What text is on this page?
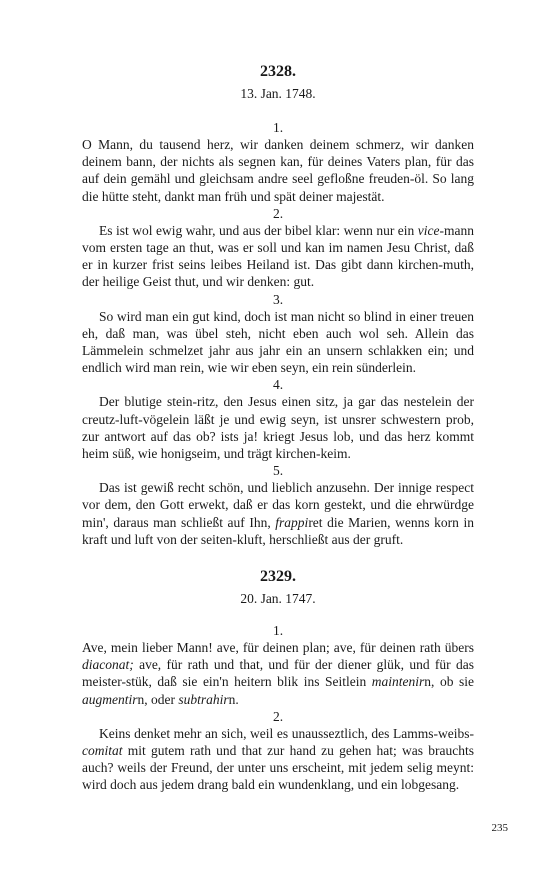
2328.
13. Jan. 1748.
1.

O Mann, du tausend herz, wir danken deinem schmerz, wir danken deinem bann, der nichts als segnen kan, für deines Vaters plan, für das auf dein gemähl und gleichsam andre seel gefloßne freuden-öl. So lang die hütte steht, dankt man früh und spät deiner majestät.

2.

Es ist wol ewig wahr, und aus der bibel klar: wenn nur ein vice-mann vom ersten tage an thut, was er soll und kan im namen Jesu Christ, daß er in kurzer frist seins leibes Heiland ist. Das gibt dann kirchen-muth, der heilige Geist thut, und wir denken: gut.

3.

So wird man ein gut kind, doch ist man nicht so blind in einer treuen eh, daß man, was übel steh, nicht eben auch wol seh. Allein das Lämmelein schmelzet jahr aus jahr ein an unsern schlakken ein; und endlich wird man rein, wie wir eben seyn, ein rein sünderlein.

4.

Der blutige stein-ritz, den Jesus einen sitz, ja gar das nestelein der creutz-luft-vögelein läßt je und ewig seyn, ist unsrer schwestern prob, zur antwort auf das ob? ists ja! kriegt Jesus lob, und das herz kommt heim süß, wie honigseim, und trägt kirchen-keim.

5.

Das ist gewiß recht schön, und lieblich anzusehn. Der innige respect vor dem, den Gott erwekt, daß er das korn gestekt, und die ehrwürdge min', daraus man schließt auf Ihn, frappiret die Marien, wenns korn in kraft und luft von der seiten-kluft, herschließt aus der gruft.

2329.
20. Jan. 1747.
1.

Ave, mein lieber Mann! ave, für deinen plan; ave, für deinen rath übers diaconat; ave, für rath und that, und für der diener glük, und für das meister-stük, daß sie ein'n heitern blik ins Seitlein maintenirn, ob sie augmentirn, oder subtrahirn.

2.

Keins denket mehr an sich, weil es unausseztlich, des Lamms-weibs-comitat mit gutem rath und that zur hand zu gehen hat; was brauchts auch? weils der Freund, der unter uns erscheint, mit jedem selig meynt: wird doch aus jedem drang bald ein wundenklang, und ein lobgesang.

235
